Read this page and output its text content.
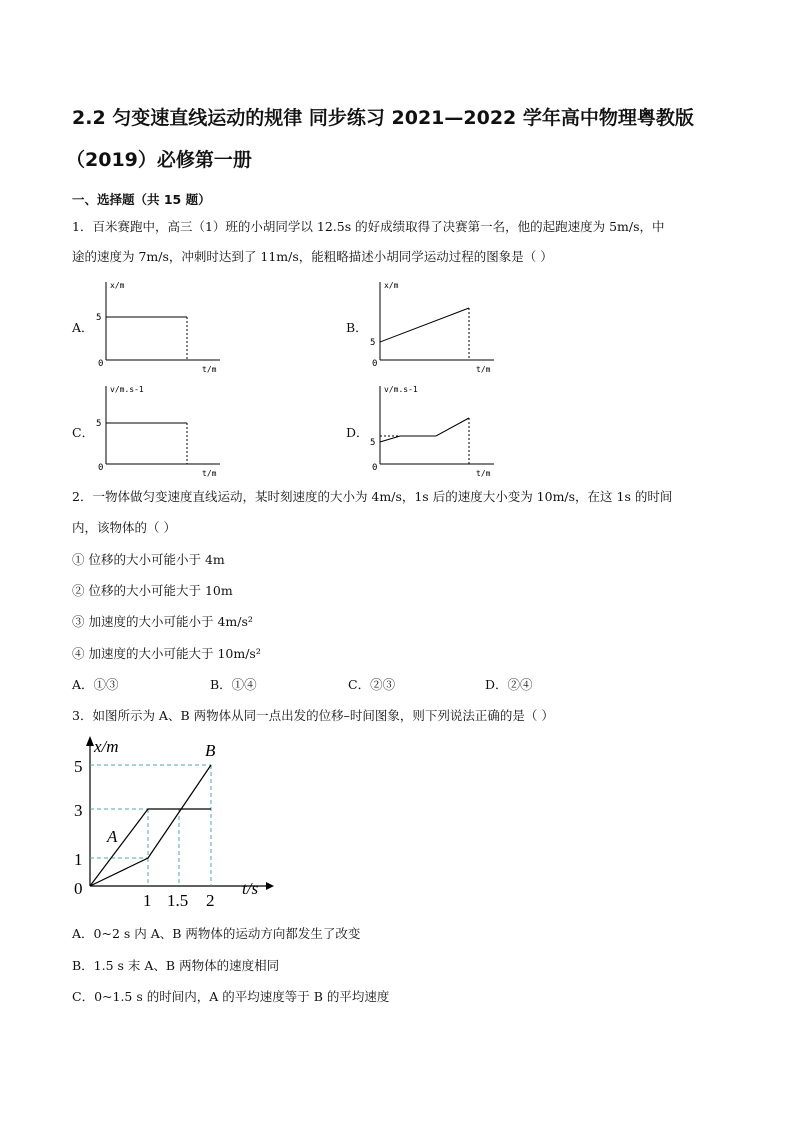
2.2 匀变速直线运动的规律 同步练习 2021—2022 学年高中物理粤教版
（2019）必修第一册
一、选择题（共 15 题）
1．百米赛跑中，高三（1）班的小胡同学以 12.5s 的好成绩取得了决赛第一名，他的起跑速度为 5m/s，中
途的速度为 7m/s，冲刺时达到了 11m/s，能粗略描述小胡同学运动过程的图象是（ ）
A．
x/m
t/m
5
0
B．
x/m
t/m
5
0
C．
v/m.s-1
t/m
5
0
D．
v/m.s-1
t/m
5
0
2．一物体做匀变速度直线运动，某时刻速度的大小为 4m/s，1s 后的速度大小变为 10m/s，在这 1s 的时间
内，该物体的（ ）
① 位移的大小可能小于 4m
② 位移的大小可能大于 10m
③ 加速度的大小可能小于 4m/s²
④ 加速度的大小可能大于 10m/s²
A．①③	B．①④	C．②③	D．②④
3．如图所示为 A、B 两物体从同一点出发的位移–时间图象，则下列说法正确的是（ ）
x/m
t/s
0
5
3
1
1 1.5 2
A
B
A．0~2 s 内 A、B 两物体的运动方向都发生了改变
B．1.5 s 末 A、B 两物体的速度相同
C．0~1.5 s 的时间内，A 的平均速度等于 B 的平均速度
